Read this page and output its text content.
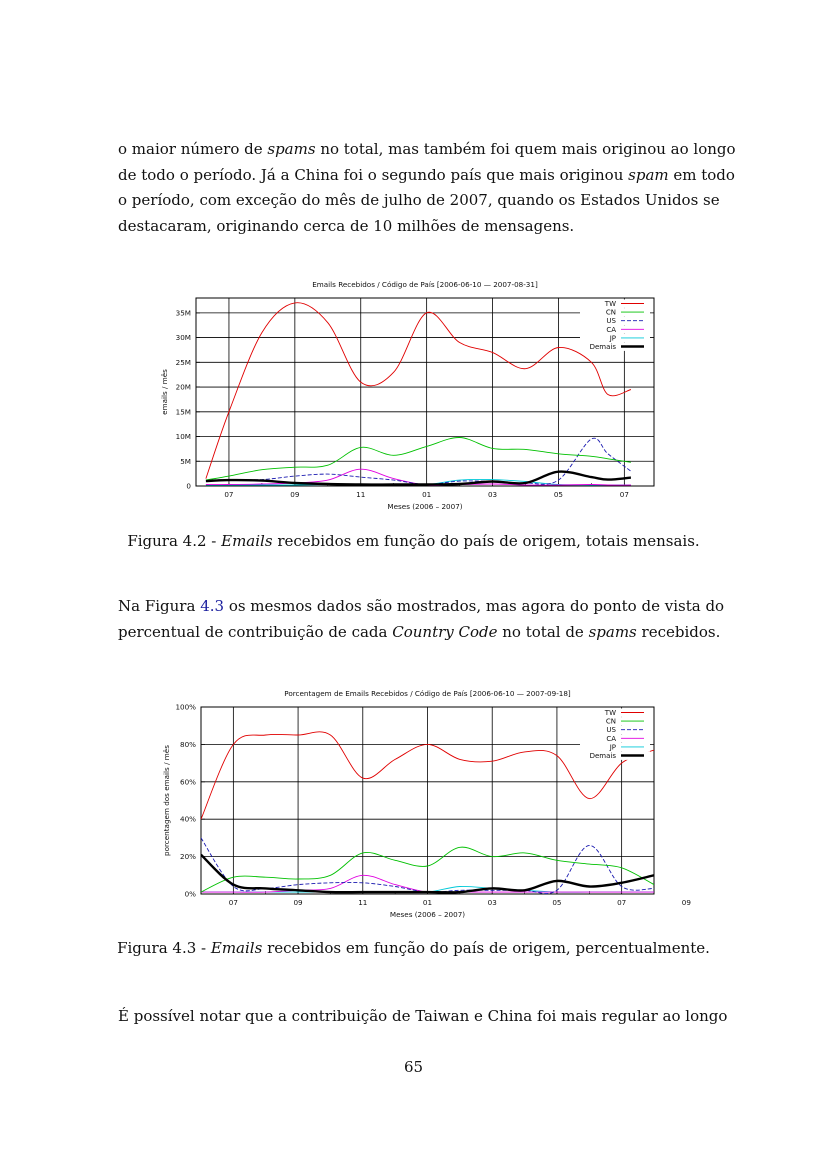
o maior número de spams no total, mas também foi quem mais originou ao longo
de todo o período. Já a China foi o segundo país que mais originou spam em todo
o período, com exceção do mês de julho de 2007, quando os Estados Unidos se
destacaram, originando cerca de 10 milhões de mensagens.
Emails Recebidos / Código de País [2006-06-10 — 2007-08-31]
0
5M
10M
15M
20M
25M
30M
35M
07	09	11	01	03	05	07
Meses (2006 – 2007)
emails / mês
TW
CN
US
CA
JP
Demais
Figura 4.2 - Emails recebidos em função do país de origem, totais mensais.
Na Figura 4.3 os mesmos dados são mostrados, mas agora do ponto de vista do
percentual de contribuição de cada Country Code no total de spams recebidos.
Porcentagem de Emails Recebidos / Código de País [2006-06-10 — 2007-09-18]
0%
20%
40%
60%
80%
100%
07	09	11	01	03	05	07	09
Meses (2006 – 2007)
porcentagem dos emails / mês
TW
CN
US
CA
JP
Demais
Figura 4.3 - Emails recebidos em função do país de origem, percentualmente.
É possível notar que a contribuição de Taiwan e China foi mais regular ao longo
65
